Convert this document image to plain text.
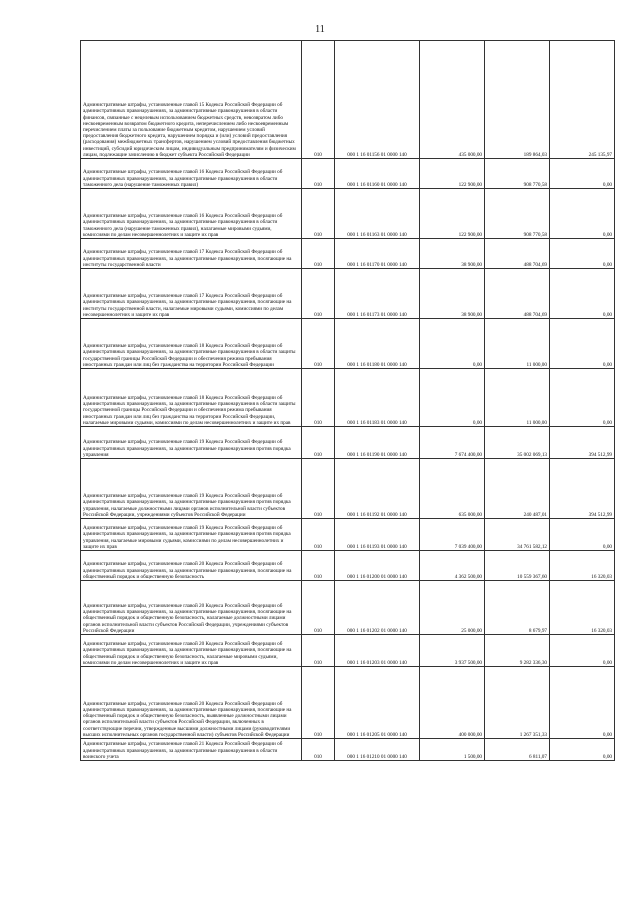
11
Административные штрафы, установленные главой 15 Кодекса Российской Федерации об административных правонарушениях, за административные правонарушения в области финансов, связанные с нецелевым использованием бюджетных средств, невозвратом либо несвоевременным возвратом бюджетного кредита, неперечислением либо несвоевременным перечислением платы за пользование бюджетным кредитом, нарушением условий предоставления бюджетного кредита, нарушением порядка и (или) условий предоставления (расходования) межбюджетных трансфертов, нарушением условий предоставления бюджетных инвестиций, субсидий юридическим лицам, индивидуальным предпринимателям и физическим лицам, подлежащие зачислению в бюджет субъекта Российской Федерации	010	000 1 16 01156 01 0000 140	435 000,00	189 864,03	245 135,97
Административные штрафы, установленные главой 16 Кодекса Российской Федерации об административных правонарушениях, за административные правонарушения в области таможенного дела (нарушение таможенных правил)	010	000 1 16 01160 01 0000 140	122 900,00	908 770,58	0,00
Административные штрафы, установленные главой 16 Кодекса Российской Федерации об административных правонарушениях, за административные правонарушения в области таможенного дела (нарушение таможенных правил), налагаемые мировыми судьями, комиссиями по делам несовершеннолетних и защите их прав	010	000 1 16 01163 01 0000 140	122 900,00	908 770,58	0,00
Административные штрафы, установленные главой 17 Кодекса Российской Федерации об административных правонарушениях, за административные правонарушения, посягающие на институты государственной власти	010	000 1 16 01170 01 0000 140	38 900,00	488 704,69	0,00
Административные штрафы, установленные главой 17 Кодекса Российской Федерации об административных правонарушениях, за административные правонарушения, посягающие на институты государственной власти, налагаемые мировыми судьями, комиссиями по делам несовершеннолетних и защите их прав	010	000 1 16 01173 01 0000 140	38 900,00	488 704,69	0,00
Административные штрафы, установленные главой 18 Кодекса Российской Федерации об административных правонарушениях, за административные правонарушения в области защиты государственной границы Российской Федерации и обеспечения режима пребывания иностранных граждан или лиц без гражданства на территории Российской Федерации	010	000 1 16 01180 01 0000 140	0,00	11 000,00	0,00
Административные штрафы, установленные главой 18 Кодекса Российской Федерации об административных правонарушениях, за административные правонарушения в области защиты государственной границы Российской Федерации и обеспечения режима пребывания иностранных граждан или лиц без гражданства на территории Российской Федерации, налагаемые мировыми судьями, комиссиями по делам несовершеннолетних и защите их прав	010	000 1 16 01183 01 0000 140	0,00	11 000,00	0,00
Административные штрафы, установленные главой 19 Кодекса Российской Федерации об административных правонарушениях, за административные правонарушения против порядка управления	010	000 1 16 01190 01 0000 140	7 674 400,00	35 002 069,13	394 512,99
Административные штрафы, установленные главой 19 Кодекса Российской Федерации об административных правонарушениях, за административные правонарушения против порядка управления, налагаемые должностными лицами органов исполнительной власти субъектов Российской Федерации, учреждениями субъектов Российской Федерации	010	000 1 16 01192 01 0000 140	635 000,00	240 487,01	394 512,99
Административные штрафы, установленные главой 19 Кодекса Российской Федерации об административных правонарушениях, за административные правонарушения против порядка управления, налагаемые мировыми судьями, комиссиями по делам несовершеннолетних и защите их прав	010	000 1 16 01193 01 0000 140	7 039 400,00	34 761 582,12	0,00
Административные штрафы, установленные главой 20 Кодекса Российской Федерации об административных правонарушениях, за административные правонарушения, посягающие на общественный порядок и общественную безопасность	010	000 1 16 01200 01 0000 140	4 362 500,00	10 559 367,60	16 320,03
Административные штрафы, установленные главой 20 Кодекса Российской Федерации об административных правонарушениях, за административные правонарушения, посягающие на общественный порядок и общественную безопасность, налагаемые должностными лицами органов исполнительной власти субъектов Российской Федерации, учреждениями субъектов Российской Федерации	010	000 1 16 01202 01 0000 140	25 000,00	8 679,97	16 320,03
Административные штрафы, установленные главой 20 Кодекса Российской Федерации об административных правонарушениях, за административные правонарушения, посягающие на общественный порядок и общественную безопасность, налагаемые мировыми судьями, комиссиями по делам несовершеннолетних и защите их прав	010	000 1 16 01203 01 0000 140	3 937 500,00	9 282 336,30	0,00
Административные штрафы, установленные главой 20 Кодекса Российской Федерации об административных правонарушениях, за административные правонарушения, посягающие на общественный порядок и общественную безопасность, выявленные должностными лицами органов исполнительной власти субъектов Российской Федерации, включенных в соответствующие перечни, утвержденные высшими должностными лицами (руководителями высших исполнительных органов государственной власти) субъектов Российской Федерации	010	000 1 16 01205 01 0000 140	400 000,00	1 267 351,33	0,00
Административные штрафы, установленные главой 21 Кодекса Российской Федерации об административных правонарушениях, за административные правонарушения в области воинского учета	010	000 1 16 01210 01 0000 140	1 500,00	6 811,07	0,00
